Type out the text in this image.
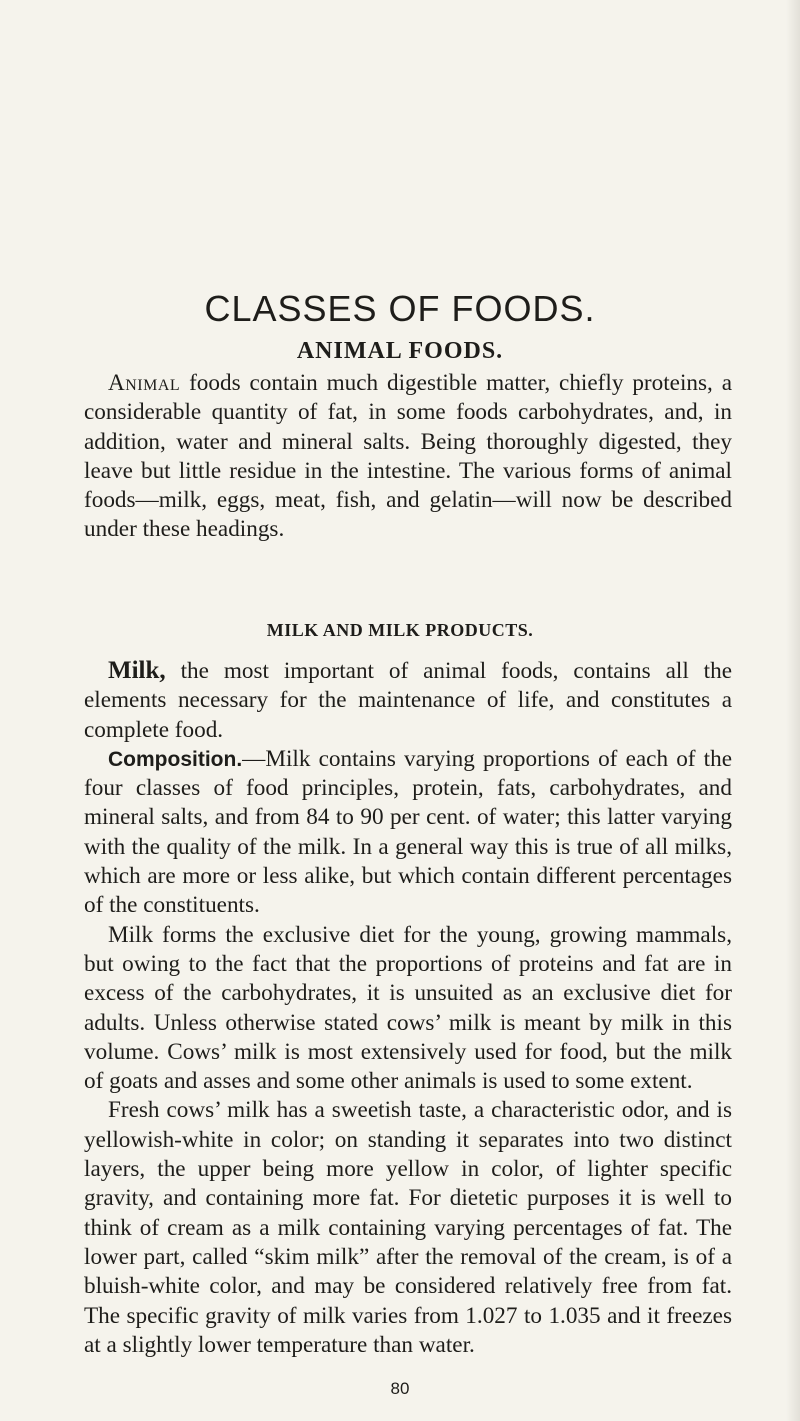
CLASSES OF FOODS.
ANIMAL FOODS.

Animal foods contain much digestible matter, chiefly proteins, a considerable quantity of fat, in some foods carbohydrates, and, in addition, water and mineral salts. Being thoroughly digested, they leave but little residue in the intestine. The various forms of animal foods—milk, eggs, meat, fish, and gelatin—will now be described under these headings.

MILK AND MILK PRODUCTS.

Milk, the most important of animal foods, contains all the elements necessary for the maintenance of life, and constitutes a complete food.

Composition.—Milk contains varying proportions of each of the four classes of food principles, protein, fats, carbohydrates, and mineral salts, and from 84 to 90 per cent. of water; this latter varying with the quality of the milk. In a general way this is true of all milks, which are more or less alike, but which contain different percentages of the constituents.

Milk forms the exclusive diet for the young, growing mammals, but owing to the fact that the proportions of proteins and fat are in excess of the carbohydrates, it is unsuited as an exclusive diet for adults. Unless otherwise stated cows’ milk is meant by milk in this volume. Cows’ milk is most extensively used for food, but the milk of goats and asses and some other animals is used to some extent.

Fresh cows’ milk has a sweetish taste, a characteristic odor, and is yellowish-white in color; on standing it separates into two distinct layers, the upper being more yellow in color, of lighter specific gravity, and containing more fat. For dietetic purposes it is well to think of cream as a milk containing varying percentages of fat. The lower part, called “skim milk” after the removal of the cream, is of a bluish-white color, and may be considered relatively free from fat. The specific gravity of milk varies from 1.027 to 1.035 and it freezes at a slightly lower temperature than water.

80
